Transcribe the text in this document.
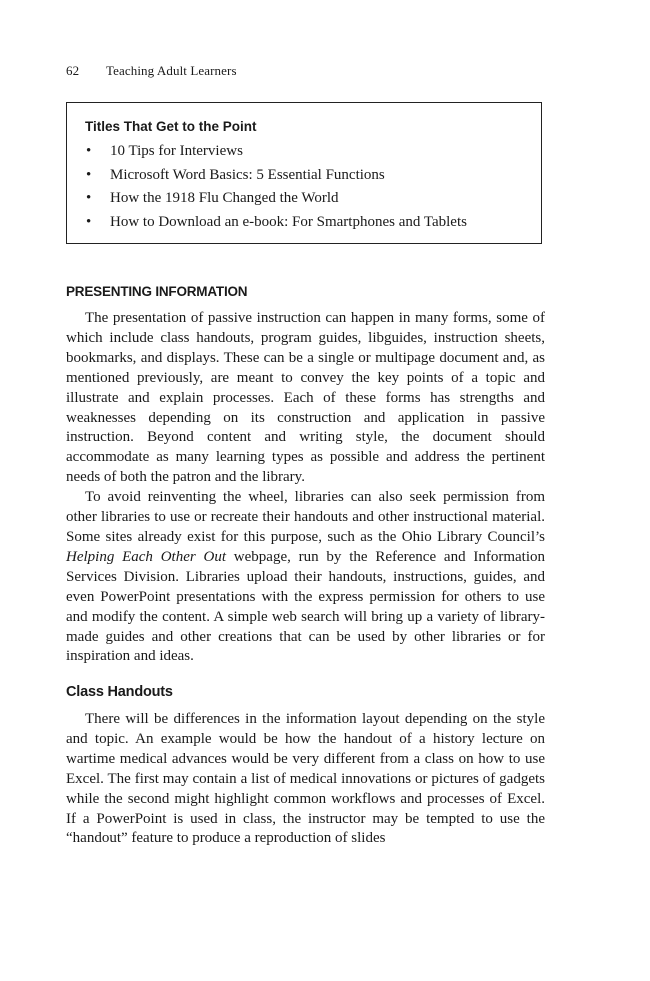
62 Teaching Adult Learners
Titles That Get to the Point
• 10 Tips for Interviews
• Microsoft Word Basics: 5 Essential Functions
• How the 1918 Flu Changed the World
• How to Download an e-book: For Smartphones and Tablets
PRESENTING INFORMATION

The presentation of passive instruction can happen in many forms, some of which include class handouts, program guides, libguides, instruction sheets, bookmarks, and displays. These can be a single or multipage document and, as mentioned previously, are meant to convey the key points of a topic and illustrate and explain processes. Each of these forms has strengths and weaknesses depending on its construction and application in passive instruction. Beyond content and writing style, the document should accommodate as many learning types as possible and address the pertinent needs of both the patron and the library.

To avoid reinventing the wheel, libraries can also seek permission from other libraries to use or recreate their handouts and other instructional material. Some sites already exist for this purpose, such as the Ohio Library Council’s Helping Each Other Out webpage, run by the Reference and Information Services Division. Libraries upload their handouts, instructions, guides, and even PowerPoint presentations with the express permission for others to use and modify the content. A simple web search will bring up a variety of library-made guides and other creations that can be used by other libraries or for inspiration and ideas.

Class Handouts

There will be differences in the information layout depending on the style and topic. An example would be how the handout of a history lecture on wartime medical advances would be very different from a class on how to use Excel. The first may contain a list of medical innovations or pictures of gadgets while the second might highlight common workflows and processes of Excel. If a PowerPoint is used in class, the instructor may be tempted to use the “handout” feature to produce a reproduction of slides
